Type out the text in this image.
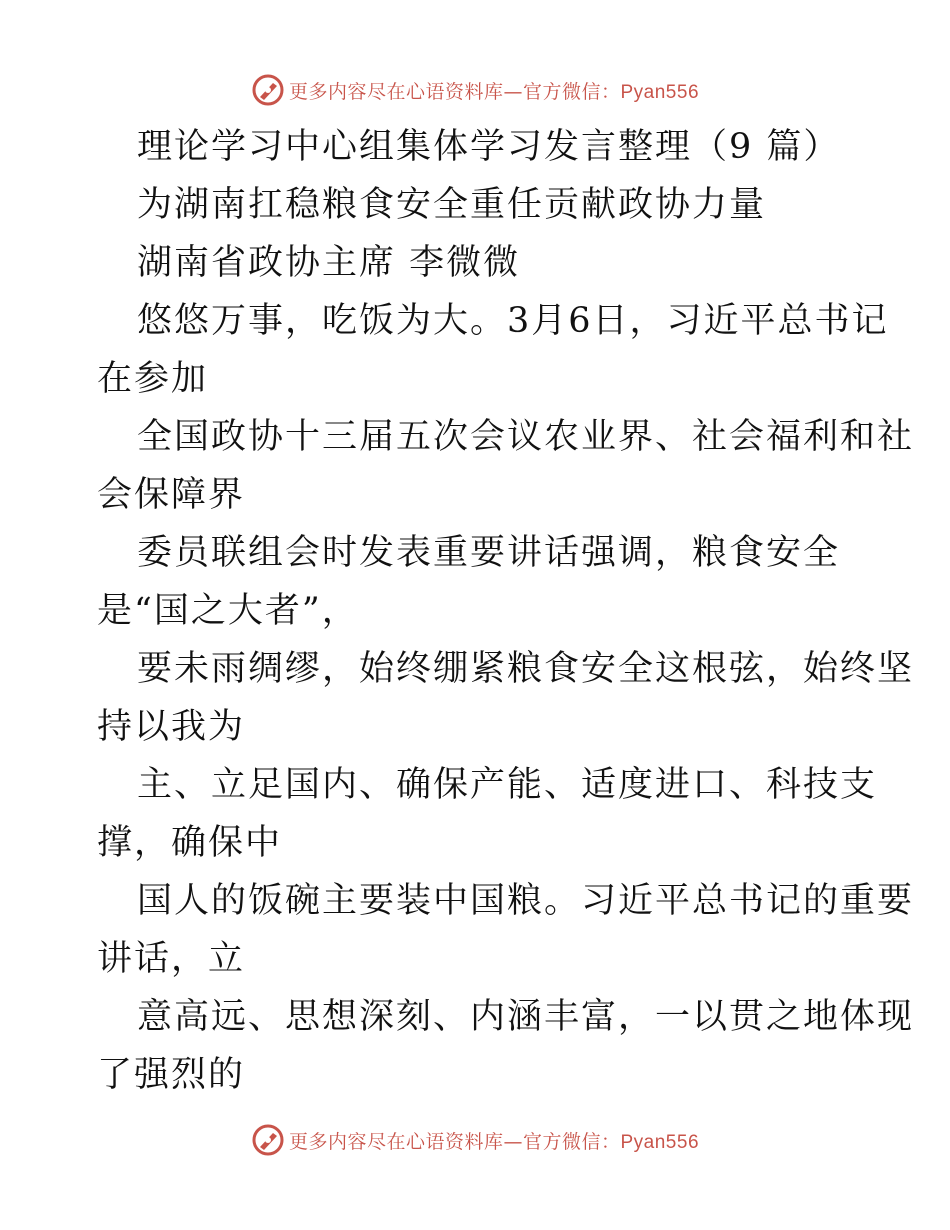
更多内容尽在心语资料库—官方微信：Pyan556
理论学习中心组集体学习发言整理（9 篇）
为湖南扛稳粮食安全重任贡献政协力量
湖南省政协主席 李微微
悠悠万事，吃饭为大。3月6日，习近平总书记
在参加
全国政协十三届五次会议农业界、社会福利和社
会保障界
委员联组会时发表重要讲话强调，粮食安全
是“国之大者”，
要未雨绸缪，始终绷紧粮食安全这根弦，始终坚
持以我为
主、立足国内、确保产能、适度进口、科技支
撑，确保中
国人的饭碗主要装中国粮。习近平总书记的重要
讲话，立
意高远、思想深刻、内涵丰富，一以贯之地体现
了强烈的
更多内容尽在心语资料库—官方微信：Pyan556
